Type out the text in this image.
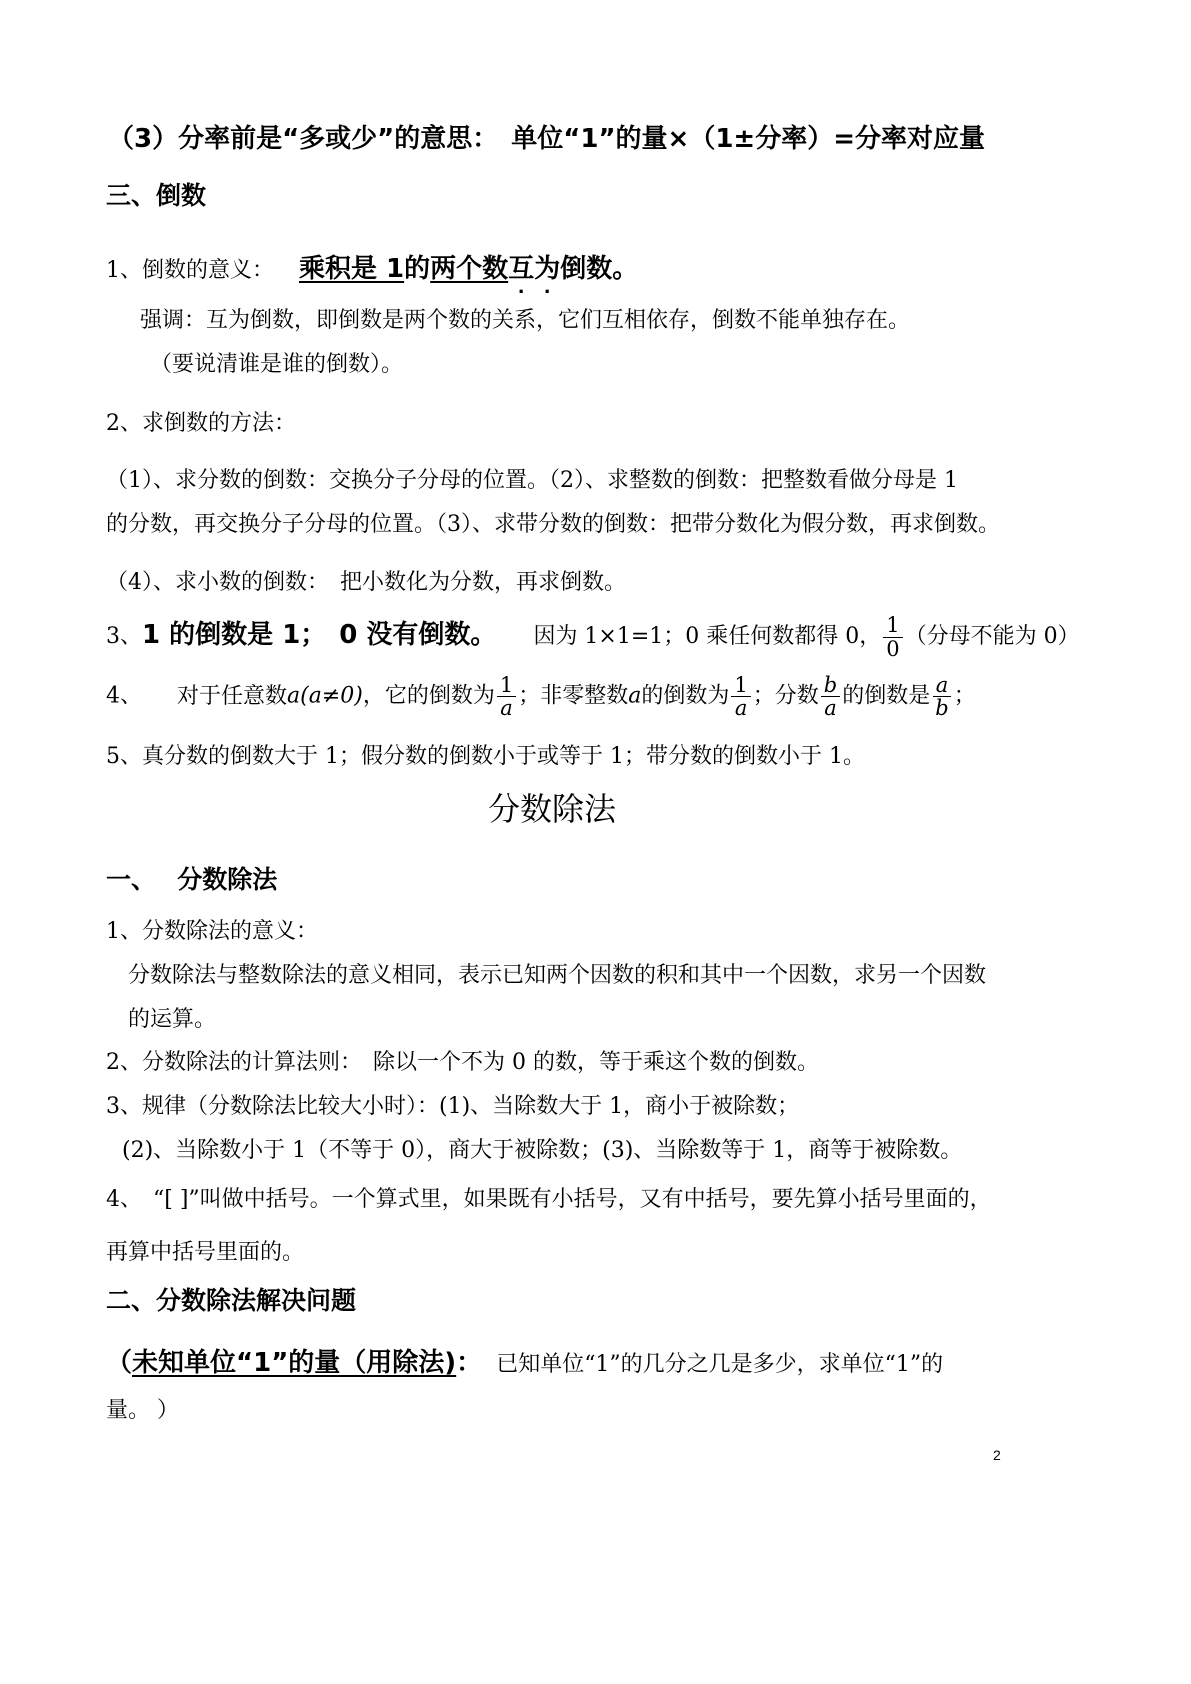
（3）分率前是“多或少”的意思：　单位“1”的量×（1±分率）=分率对应量
三、倒数
1、倒数的意义： 乘积是 1的两个数互为倒数。
强调：互为倒数，即倒数是两个数的关系，它们互相依存，倒数不能单独存在。
（要说清谁是谁的倒数）。
2、求倒数的方法：
（1）、求分数的倒数：交换分子分母的位置。（2）、求整数的倒数：把整数看做分母是 1
的分数，再交换分子分母的位置。（3）、求带分数的倒数：把带分数化为假分数，再求倒数。
（4）、求小数的倒数：　把小数化为分数，再求倒数。
3、1 的倒数是 1；　0 没有倒数。 因为 1×1=1；0 乘任何数都得 0， $\frac{1}{0}$ （分母不能为 0）
4、 对于任意数a(a≠0)，它的倒数为 $\frac{1}{a}$ ；非零整数a的倒数为 $\frac{1}{a}$ ；分数 $\frac{b}{a}$ 的倒数是 $\frac{a}{b}$ ；
5、真分数的倒数大于 1；假分数的倒数小于或等于 1；带分数的倒数小于 1。
分数除法
一、　 分数除法
1、分数除法的意义：
分数除法与整数除法的意义相同，表示已知两个因数的积和其中一个因数，求另一个因数
的运算。
2、分数除法的计算法则：　除以一个不为 0 的数，等于乘这个数的倒数。
3、规律（分数除法比较大小时）：(1)、当除数大于 1，商小于被除数；
(2)、当除数小于 1（不等于 0），商大于被除数；(3)、当除数等于 1，商等于被除数。
4、　“[ ]”叫做中括号。一个算式里，如果既有小括号，又有中括号，要先算小括号里面的，
再算中括号里面的。
二、分数除法解决问题
（未知单位“1”的量（用除法)： 已知单位“1”的几分之几是多少，求单位“1”的
量。 ）
2
